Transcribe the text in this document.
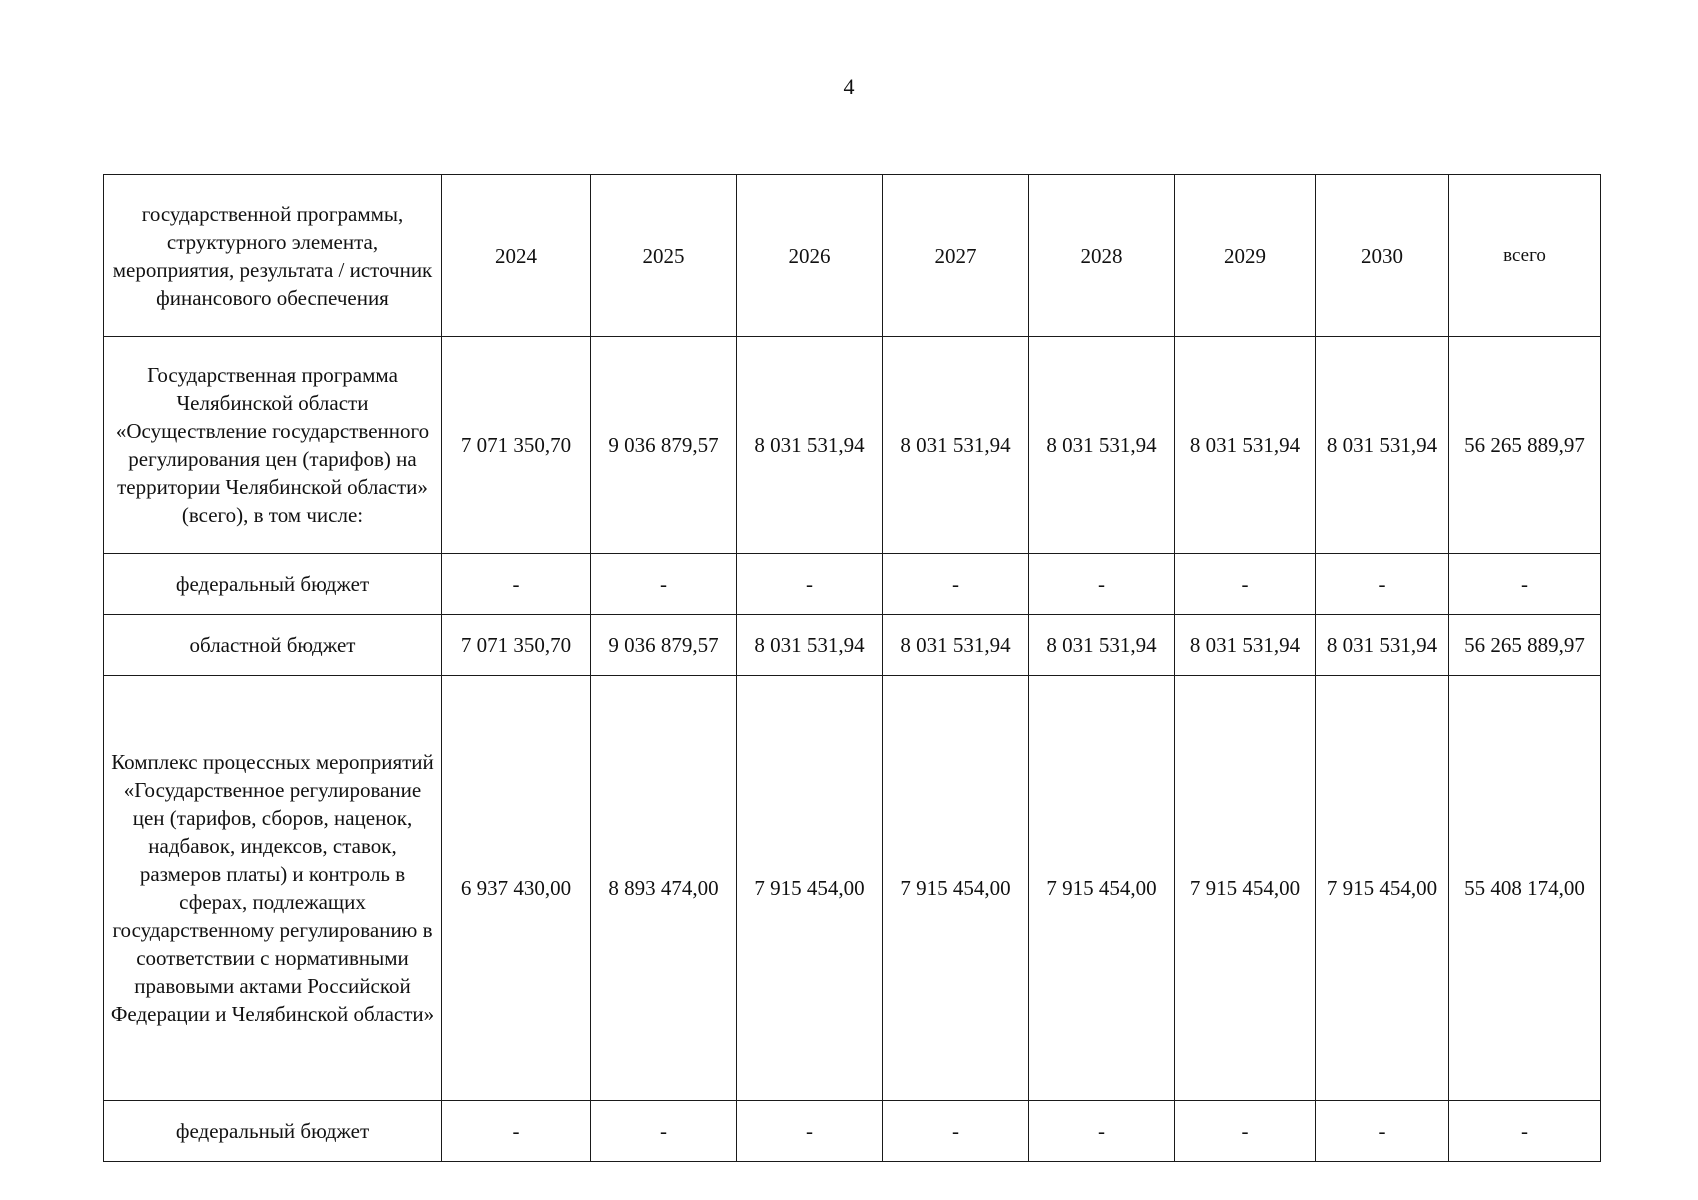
4
государственной программы, структурного элемента, мероприятия, результата / источник финансового обеспечения	2024	2025	2026	2027	2028	2029	2030	всего
Государственная программа Челябинской области «Осуществление государственного регулирования цен (тарифов) на территории Челябинской области» (всего), в том числе:	7 071 350,70	9 036 879,57	8 031 531,94	8 031 531,94	8 031 531,94	8 031 531,94	8 031 531,94	56 265 889,97
федеральный бюджет	-	-	-	-	-	-	-	-
областной бюджет	7 071 350,70	9 036 879,57	8 031 531,94	8 031 531,94	8 031 531,94	8 031 531,94	8 031 531,94	56 265 889,97
Комплекс процессных мероприятий «Государственное регулирование цен (тарифов, сборов, наценок, надбавок, индексов, ставок, размеров платы) и контроль в сферах, подлежащих государственному регулированию в соответствии с нормативными правовыми актами Российской Федерации и Челябинской области»	6 937 430,00	8 893 474,00	7 915 454,00	7 915 454,00	7 915 454,00	7 915 454,00	7 915 454,00	55 408 174,00
федеральный бюджет	-	-	-	-	-	-	-	-
